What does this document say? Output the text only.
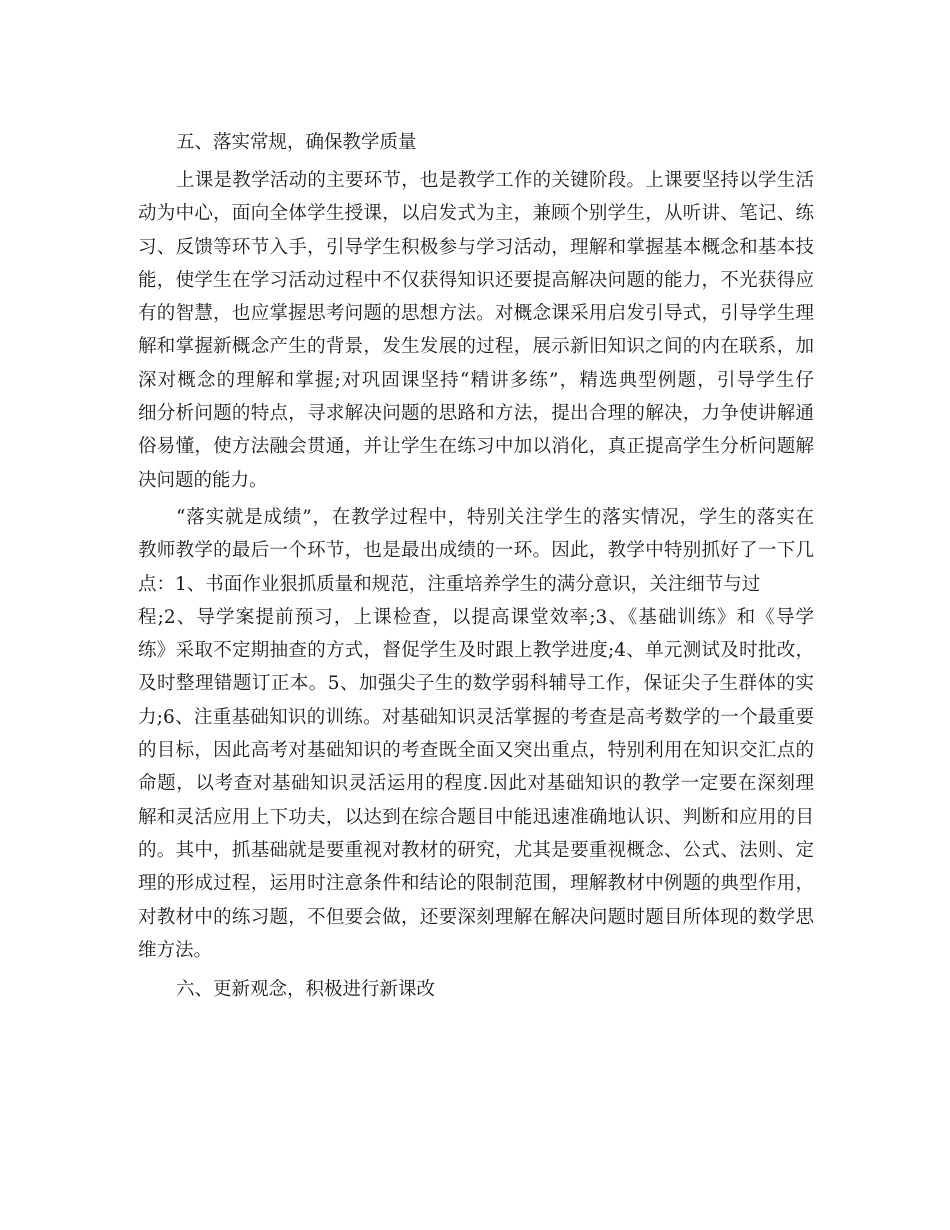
五、落实常规，确保教学质量
上课是教学活动的主要环节，也是教学工作的关键阶段。上课要坚持以学生活
动为中心，面向全体学生授课，以启发式为主，兼顾个别学生，从听讲、笔记、练
习、反馈等环节入手，引导学生积极参与学习活动，理解和掌握基本概念和基本技
能，使学生在学习活动过程中不仅获得知识还要提高解决问题的能力，不光获得应
有的智慧，也应掌握思考问题的思想方法。对概念课采用启发引导式，引导学生理
解和掌握新概念产生的背景，发生发展的过程，展示新旧知识之间的内在联系，加
深对概念的理解和掌握;对巩固课坚持“精讲多练”，精选典型例题，引导学生仔
细分析问题的特点，寻求解决问题的思路和方法，提出合理的解决，力争使讲解通
俗易懂，使方法融会贯通，并让学生在练习中加以消化，真正提高学生分析问题解
决问题的能力。
“落实就是成绩”，在教学过程中，特别关注学生的落实情况，学生的落实在
教师教学的最后一个环节，也是最出成绩的一环。因此，教学中特别抓好了一下几
点：1、书面作业狠抓质量和规范，注重培养学生的满分意识，关注细节与过
程;2、导学案提前预习，上课检查，以提高课堂效率;3、《基础训练》和《导学
练》采取不定期抽查的方式，督促学生及时跟上教学进度;4、单元测试及时批改，
及时整理错题订正本。5、加强尖子生的数学弱科辅导工作，保证尖子生群体的实
力;6、注重基础知识的训练。对基础知识灵活掌握的考查是高考数学的一个最重要
的目标，因此高考对基础知识的考查既全面又突出重点，特别利用在知识交汇点的
命题，以考查对基础知识灵活运用的程度.因此对基础知识的教学一定要在深刻理
解和灵活应用上下功夫，以达到在综合题目中能迅速准确地认识、判断和应用的目
的。其中，抓基础就是要重视对教材的研究，尤其是要重视概念、公式、法则、定
理的形成过程，运用时注意条件和结论的限制范围，理解教材中例题的典型作用，
对教材中的练习题，不但要会做，还要深刻理解在解决问题时题目所体现的数学思
维方法。
六、更新观念，积极进行新课改
